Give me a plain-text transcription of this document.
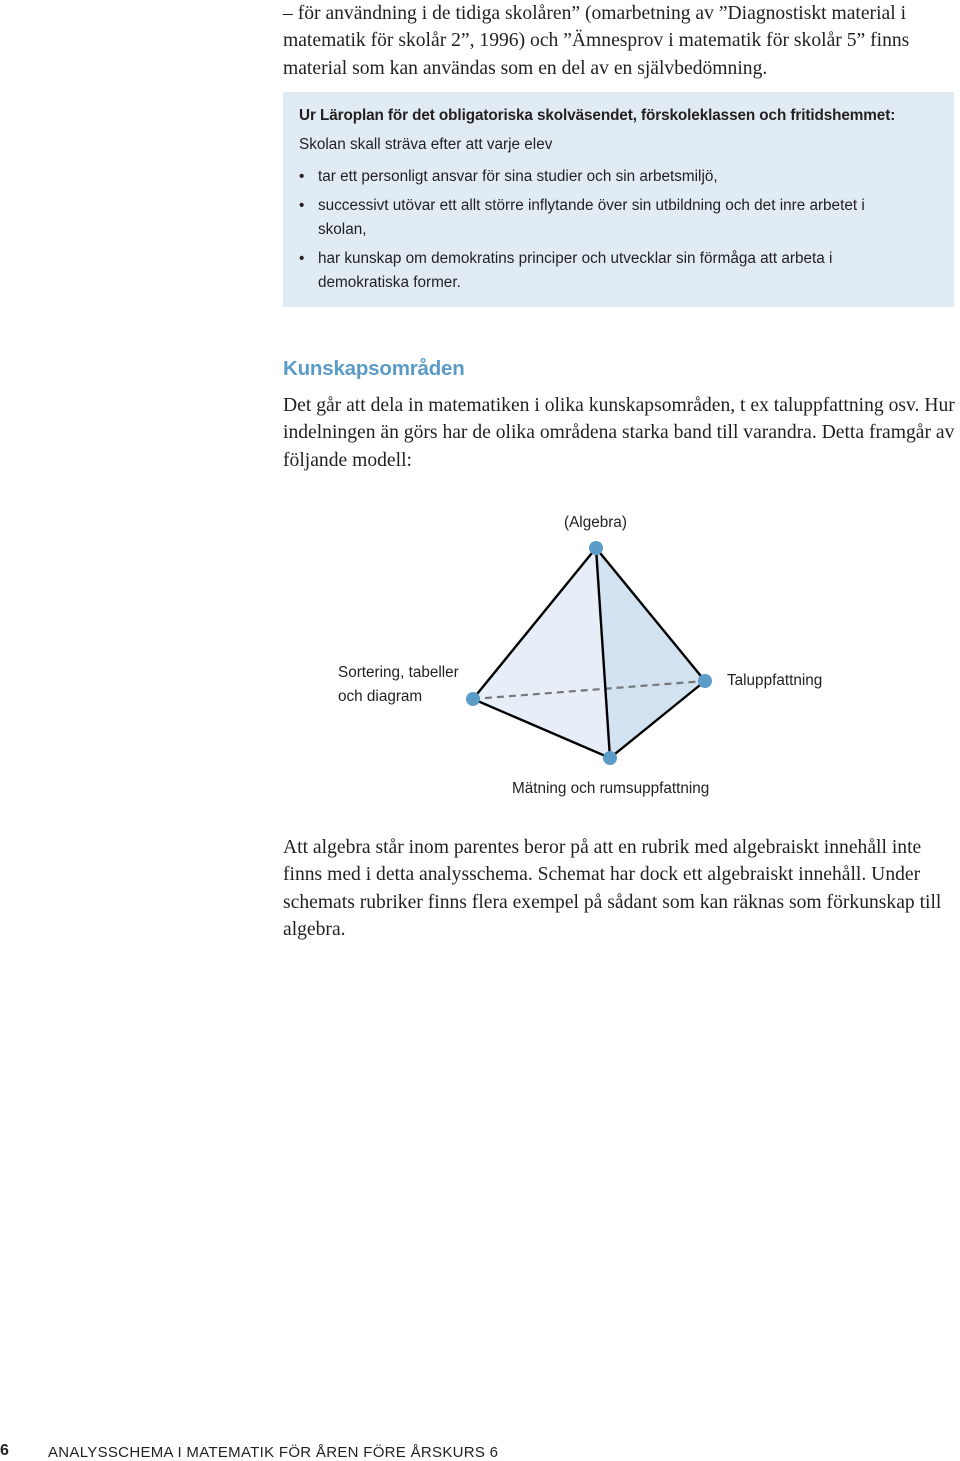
– för användning i de tidiga skolåren” (omarbetning av ”Diagnostiskt material i matematik för skolår 2”, 1996) och ”Ämnesprov i matematik för skolår 5” finns material som kan användas som en del av en självbedömning.

Ur Läroplan för det obligatoriska skolväsendet, förskoleklassen och fritidshemmet:
Skolan skall sträva efter att varje elev
• tar ett personligt ansvar för sina studier och sin arbetsmiljö,
• successivt utövar ett allt större inflytande över sin utbildning och det inre arbetet i skolan,
• har kunskap om demokratins principer och utvecklar sin förmåga att arbeta i demokratiska former.
Kunskapsområden

Det går att dela in matematiken i olika kunskapsområden, t ex taluppfattning osv. Hur indelningen än görs har de olika områdena starka band till varandra. Detta framgår av följande modell:

(Algebra)
Sortering, tabeller
och diagram
Taluppfattning
Mätning och rumsuppfattning

Att algebra står inom parentes beror på att en rubrik med algebraiskt innehåll inte finns med i detta analysschema. Schemat har dock ett algebraiskt innehåll. Under schemats rubriker finns flera exempel på sådant som kan räknas som förkunskap till algebra.

6	ANALYSSCHEMA I MATEMATIK FÖR ÅREN FÖRE ÅRSKURS 6
